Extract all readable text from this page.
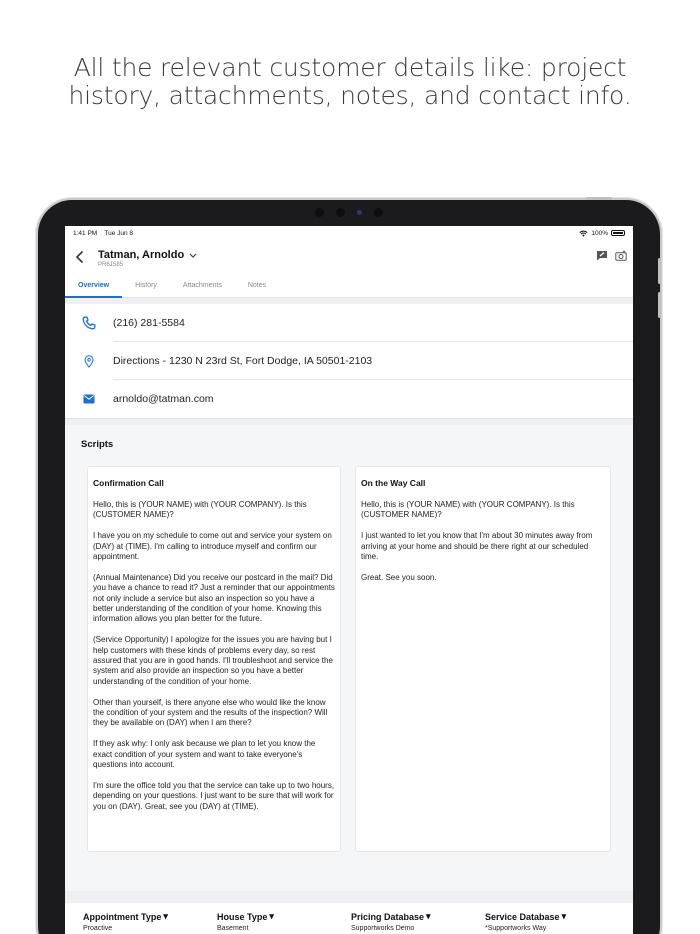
All the relevant customer details like: project
history, attachments, notes, and contact info.
1:41 PM Tue Jun 8	100%
Tatman, Arnoldo
PR61585
Overview	History	Attachments	Notes
(216) 281-5584
Directions - 1230 N 23rd St, Fort Dodge, IA 50501-2103
arnoldo@tatman.com
Scripts
Confirmation Call

Hello, this is (YOUR NAME) with (YOUR COMPANY). Is this (CUSTOMER NAME)?

I have you on my schedule to come out and service your system on (DAY) at (TIME). I'm calling to introduce myself and confirm our appointment.

(Annual Maintenance) Did you receive our postcard in the mail? Did you have a chance to read it? Just a reminder that our appointments not only include a service but also an inspection so you have a better understanding of the condition of your home. Knowing this information allows you plan better for the future.

(Service Opportunity) I apologize for the issues you are having but I help customers with these kinds of problems every day, so rest assured that you are in good hands. I'll troubleshoot and service the system and also provide an inspection so you have a better understanding of the condition of your home.

Other than yourself, is there anyone else who would like the know the condition of your system and the results of the inspection? Will they be available on (DAY) when I am there?

If they ask why: I only ask because we plan to let you know the exact condition of your system and want to take everyone's questions into account.

I'm sure the office told you that the service can take up to two hours, depending on your questions. I just want to be sure that will work for you on (DAY). Great, see you (DAY) at (TIME).

On the Way Call

Hello, this is (YOUR NAME) with (YOUR COMPANY). Is this (CUSTOMER NAME)?

I just wanted to let you know that I'm about 30 minutes away from arriving at your home and should be there right at our scheduled time.

Great. See you soon.

Appointment Type ▾
Proactive
House Type ▾
Basement
Pricing Database ▾
Supportworks Demo
Service Database ▾
*Supportworks Way
